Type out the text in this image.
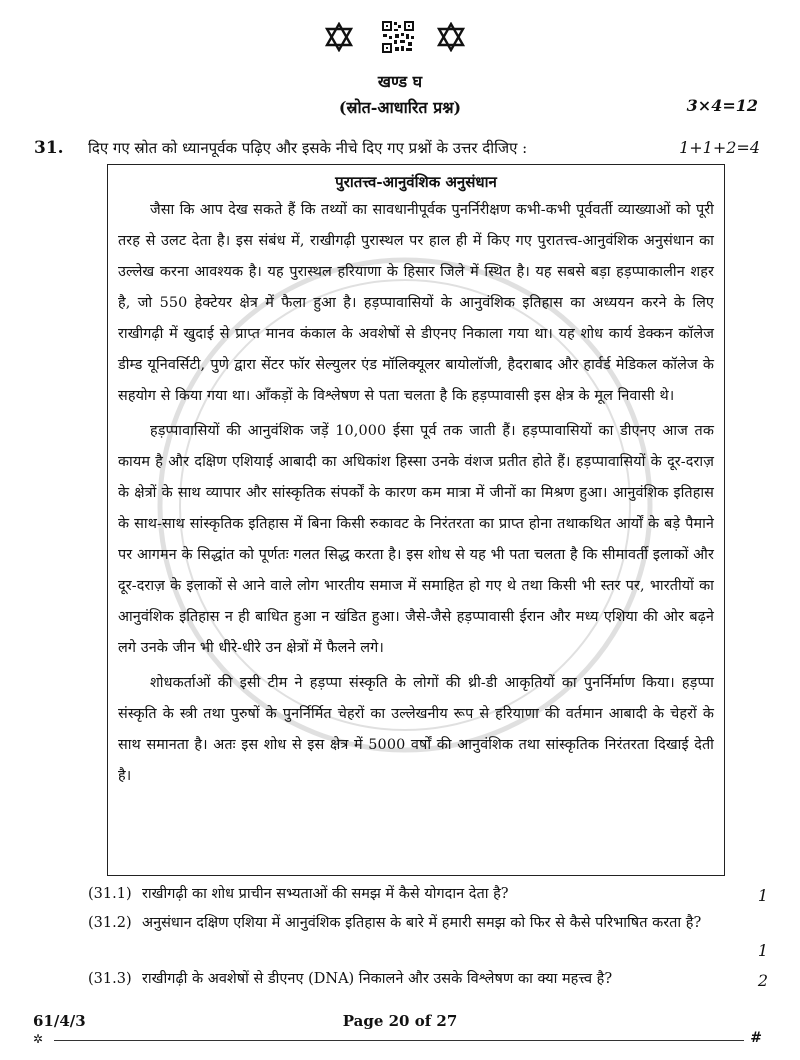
खण्ड घ
(स्रोत-आधारित प्रश्न)	3×4=12
31. दिए गए स्रोत को ध्यानपूर्वक पढ़िए और इसके नीचे दिए गए प्रश्नों के उत्तर दीजिए :	1+1+2=4
पुरातत्त्व-आनुवंशिक अनुसंधान

जैसा कि आप देख सकते हैं कि तथ्यों का सावधानीपूर्वक पुनर्निरीक्षण कभी-कभी पूर्ववर्ती व्याख्याओं को पूरी तरह से उलट देता है। इस संबंध में, राखीगढ़ी पुरास्थल पर हाल ही में किए गए पुरातत्त्व-आनुवंशिक अनुसंधान का उल्लेख करना आवश्यक है। यह पुरास्थल हरियाणा के हिसार जिले में स्थित है। यह सबसे बड़ा हड़प्पाकालीन शहर है, जो 550 हेक्टेयर क्षेत्र में फैला हुआ है। हड़प्पावासियों के आनुवंशिक इतिहास का अध्ययन करने के लिए राखीगढ़ी में खुदाई से प्राप्त मानव कंकाल के अवशेषों से डीएनए निकाला गया था। यह शोध कार्य डेक्कन कॉलेज डीम्ड यूनिवर्सिटी, पुणे द्वारा सेंटर फॉर सेल्युलर एंड मॉलिक्यूलर बायोलॉजी, हैदराबाद और हार्वर्ड मेडिकल कॉलेज के सहयोग से किया गया था। आँकड़ों के विश्लेषण से पता चलता है कि हड़प्पावासी इस क्षेत्र के मूल निवासी थे।

हड़प्पावासियों की आनुवंशिक जड़ें 10,000 ईसा पूर्व तक जाती हैं। हड़प्पावासियों का डीएनए आज तक कायम है और दक्षिण एशियाई आबादी का अधिकांश हिस्सा उनके वंशज प्रतीत होते हैं। हड़प्पावासियों के दूर-दराज़ के क्षेत्रों के साथ व्यापार और सांस्कृतिक संपर्कों के कारण कम मात्रा में जीनों का मिश्रण हुआ। आनुवंशिक इतिहास के साथ-साथ सांस्कृतिक इतिहास में बिना किसी रुकावट के निरंतरता का प्राप्त होना तथाकथित आर्यों के बड़े पैमाने पर आगमन के सिद्धांत को पूर्णतः गलत सिद्ध करता है। इस शोध से यह भी पता चलता है कि सीमावर्ती इलाकों और दूर-दराज़ के इलाकों से आने वाले लोग भारतीय समाज में समाहित हो गए थे तथा किसी भी स्तर पर, भारतीयों का आनुवंशिक इतिहास न ही बाधित हुआ न खंडित हुआ। जैसे-जैसे हड़प्पावासी ईरान और मध्य एशिया की ओर बढ़ने लगे उनके जीन भी धीरे-धीरे उन क्षेत्रों में फैलने लगे।

शोधकर्ताओं की इसी टीम ने हड़प्पा संस्कृति के लोगों की थ्री-डी आकृतियों का पुनर्निर्माण किया। हड़प्पा संस्कृति के स्त्री तथा पुरुषों के पुनर्निर्मित चेहरों का उल्लेखनीय रूप से हरियाणा की वर्तमान आबादी के चेहरों के साथ समानता है। अतः इस शोध से इस क्षेत्र में 5000 वर्षों की आनुवंशिक तथा सांस्कृतिक निरंतरता दिखाई देती है।

(31.1) राखीगढ़ी का शोध प्राचीन सभ्यताओं की समझ में कैसे योगदान देता है?	1
(31.2) अनुसंधान दक्षिण एशिया में आनुवंशिक इतिहास के बारे में हमारी समझ को फिर से कैसे परिभाषित करता है?
1
(31.3) राखीगढ़ी के अवशेषों से डीएनए (DNA) निकालने और उसके विश्लेषण का क्या महत्त्व है?	2
61/4/3	Page 20 of 27
✲	#
